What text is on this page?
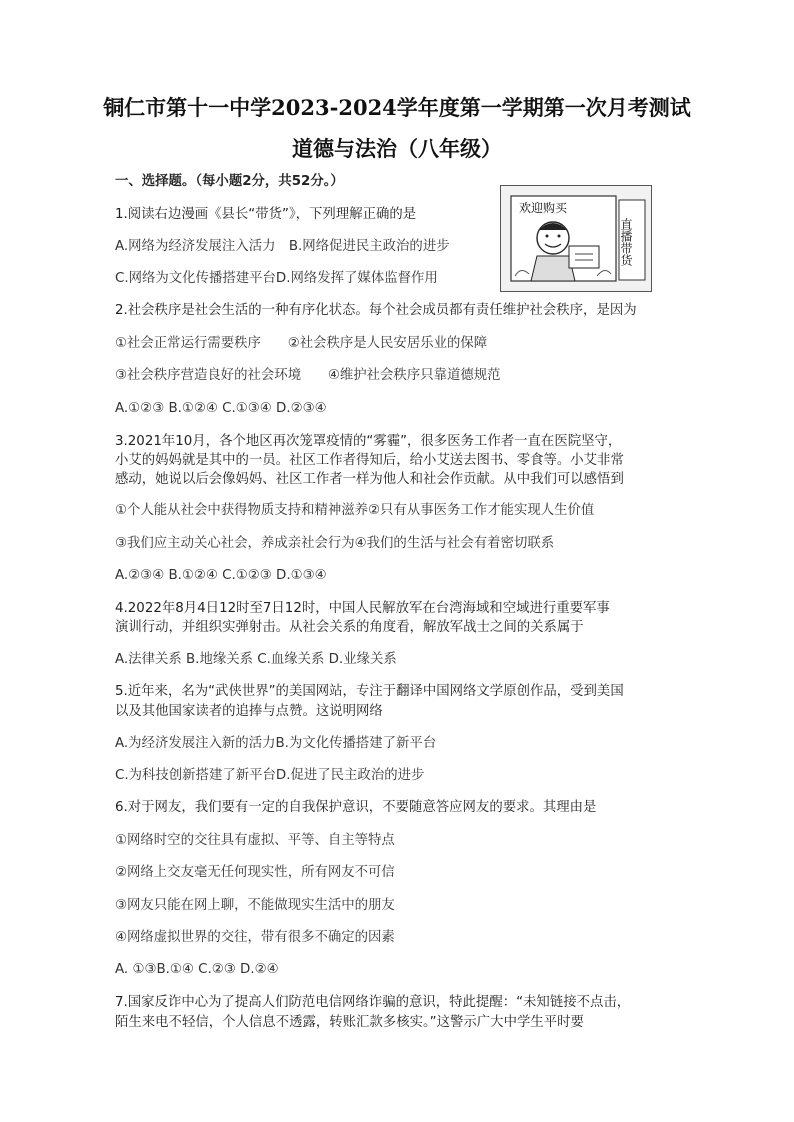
铜仁市第十一中学2023-2024学年度第一学期第一次月考测试
道德与法治（八年级）
一、选择题。（每小题2分，共52分。）
欢迎购买
直播带货
1.阅读右边漫画《县长“带货”》，下列理解正确的是
A.网络为经济发展注入活力　B.网络促进民主政治的进步
C.网络为文化传播搭建平台D.网络发挥了媒体监督作用
2.社会秩序是社会生活的一种有序化状态。每个社会成员都有责任维护社会秩序，是因为
①社会正常运行需要秩序　　②社会秩序是人民安居乐业的保障
③社会秩序营造良好的社会环境　　④维护社会秩序只靠道德规范
A.①②③ B.①②④ C.①③④ D.②③④
3.2021年10月，各个地区再次笼罩疫情的“雾霾”，很多医务工作者一直在医院坚守，
小艾的妈妈就是其中的一员。社区工作者得知后，给小艾送去图书、零食等。小艾非常
感动，她说以后会像妈妈、社区工作者一样为他人和社会作贡献。从中我们可以感悟到
①个人能从社会中获得物质支持和精神滋养②只有从事医务工作才能实现人生价值
③我们应主动关心社会，养成亲社会行为④我们的生活与社会有着密切联系
A.②③④ B.①②④ C.①②③ D.①③④
4.2022年8月4日12时至7日12时，中国人民解放军在台湾海域和空域进行重要军事
演训行动，并组织实弹射击。从社会关系的角度看，解放军战士之间的关系属于
A.法律关系 B.地缘关系 C.血缘关系 D.业缘关系
5.近年来，名为“武侠世界”的美国网站，专注于翻译中国网络文学原创作品，受到美国
以及其他国家读者的追捧与点赞。这说明网络
A.为经济发展注入新的活力B.为文化传播搭建了新平台
C.为科技创新搭建了新平台D.促进了民主政治的进步
6.对于网友，我们要有一定的自我保护意识，不要随意答应网友的要求。其理由是
①网络时空的交往具有虚拟、平等、自主等特点
②网络上交友毫无任何现实性，所有网友不可信
③网友只能在网上聊，不能做现实生活中的朋友
④网络虚拟世界的交往，带有很多不确定的因素
A. ①③B.①④ C.②③ D.②④
7.国家反诈中心为了提高人们防范电信网络诈骗的意识，特此提醒：“未知链接不点击，
陌生来电不轻信，个人信息不透露，转账汇款多核实。”这警示广大中学生平时要
